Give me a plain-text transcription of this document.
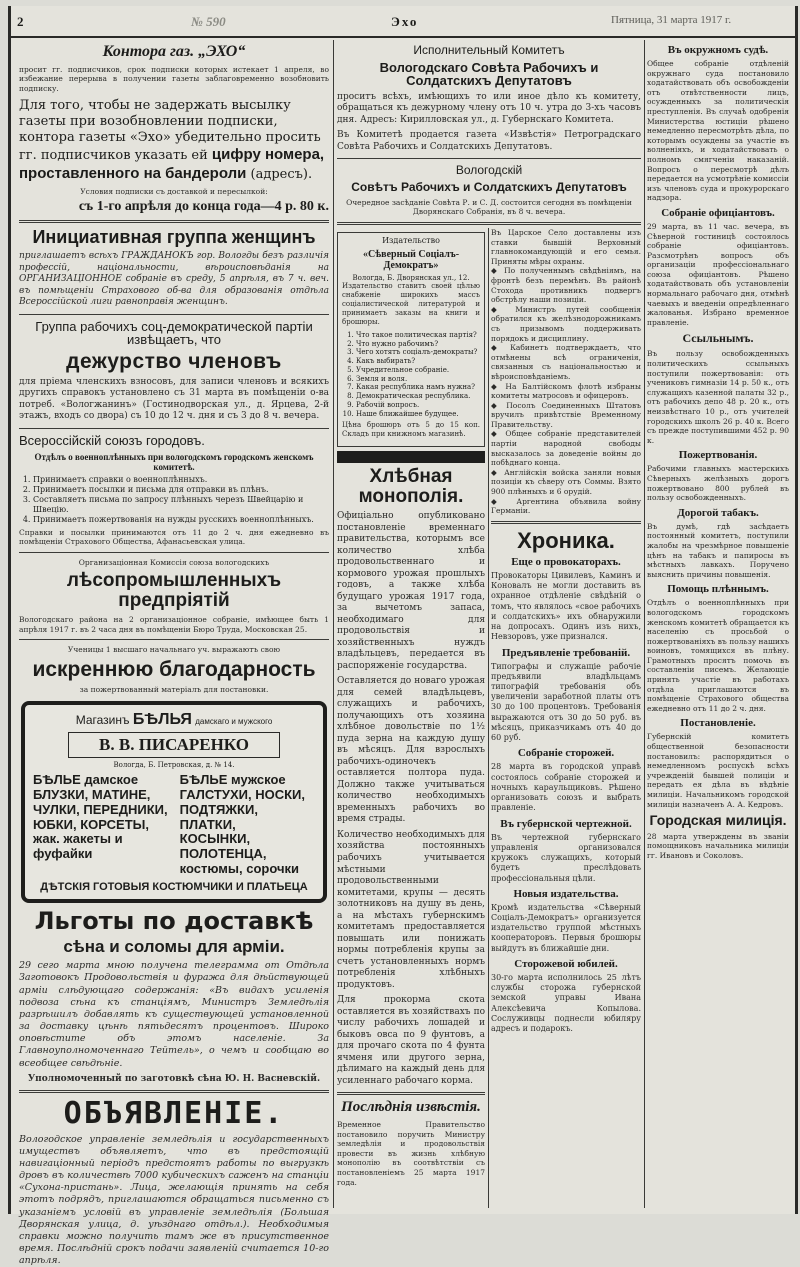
2	№ 590	Эхо	Пятница, 31 марта 1917 г.
Контора газ. „ЭХО“

просит гг. подписчиков, срок подписки которых истекает 1 апреля, во избежание перерыва в получении газеты заблаговременно возобновить подписку.

Для того, чтобы не задержать высылку газеты при возобновлении подписки, контора газеты «Эхо» убедительно просить гг. подписчиков указать ей цифру номера, проставленного на бандероли (адресъ).

Условия подписки съ доставкой и пересылкой:

съ 1-го апрѣля до конца года—4 р. 80 к.
Инициативная группа женщинъ

приглашаетъ всѣхъ ГРАЖДАНОКЪ гор. Вологды безъ различія профессій, національности, вѣроисповѣданія на ОРГАНИЗАЦІОННОЕ собраніе въ среду, 5 апрѣля, въ 7 ч. веч. въ помѣщеніи Страхового об-ва для образованія отдѣла Всероссійской лиги равноправія женщинъ.

Группа рабочихъ соц-демократической партіи извѣщаетъ, что
дежурство членовъ

для пріема членскихъ взносовъ, для записи членовъ и всякихъ другихъ справокъ установлено съ 31 марта въ помѣщеніи о-ва потреб. «Вологжанинъ» (Гостинодворская ул., д. Ярцева, 2-й этажъ, входъ со двора) съ 10 до 12 ч. дня и съ 3 до 8 ч. вечера.

Всероссійскій союзъ городовъ.
Отдѣлъ о военноплѣнныхъ при вологодскомъ городскомъ женскомъ комитетѣ.
1. Принимаетъ справки о военноплѣнныхъ.
2. Принимаетъ посылки и письма для отправки въ плѣнъ.
3. Составляетъ письма по запросу плѣнныхъ черезъ Швейцарію и Швецію.
4. Принимаетъ пожертвованія на нужды русскихъ военноплѣнныхъ.

Справки и посылки принимаются отъ 11 до 2 ч. дня ежедневно въ помѣщеніи Страхового Общества, Афанасьевская улица.

Организаціонная Комиссія союза вологодскихъ

лѣсопромышленныхъ предпріятій

Вологодскаго района на 2 организаціонное собраніе, имѣющее быть 1 апрѣля 1917 г. въ 2 часа дня въ помѣщеніи Бюро Труда, Московская 25.

Ученицы 1 высшаго начальнаго уч. выражаютъ свою

искреннюю благодарность

за пожертвованный матеріалъ для постановки.

Магазинъ БѢЛЬЯ дамскаго и мужского
В. В. ПИСАРЕНКО
Вологда, Б. Петровская, д. № 14.
БѢЛЬЕ дамское
БЛУЗКИ, МАТИНЕ,
ЧУЛКИ, ПЕРЕДНИКИ,
ЮБКИ, КОРСЕТЫ,
жак. жакеты и фуфайки
БѢЛЬЕ мужское
ГАЛСТУХИ, НОСКИ,
ПОДТЯЖКИ, ПЛАТКИ,
КОСЫНКИ, ПОЛОТЕНЦА,
костюмы, сорочки
ДѢТСКІЯ ГОТОВЫЯ КОСТЮМЧИКИ И ПЛАТЬЕЦА
Льготы по доставкѣ
сѣна и соломы для арміи.

29 сего марта мною получена телеграмма от Отдѣла Заготовокъ Продовольствія и фуража для дѣйствующей арміи слѣдующаго содержанія: «Въ видахъ усиленія подвоза сѣна къ станціямъ, Министръ Земледѣлія разрѣшилъ добавлять къ существующей установленной за доставку цѣнѣ пятьдесятъ процентовъ. Широко оповѣстите объ этомъ населеніе. За Главноуполномоченнаго Тейтель», о чемъ и сообщаю во всеобщее свѣдѣніе.

Уполномоченный по заготовкѣ сѣна Ю. Н. Васневскій.

ОБЪЯВЛЕНІЕ.

Вологодское управленіе земледѣлія и государственныхъ имуществъ объявляетъ, что въ предстоящій навигаціонный періодъ предстоятъ работы по выгрузкѣ дровъ въ количествѣ 7000 кубическихъ саженъ на станціи «Сухона-пристань». Лица, желающія принять на себя этотъ подрядъ, приглашаются обращаться письменно съ указаніемъ условій въ управленіе земледѣлія (Большая Дворянская улица, д. уѣзднаго отдѣл.). Необходимыя справки можно получить тамъ же въ присутственное время. Послѣдній срокъ подачи заявленій считается 10-го апрѣля.

Исполнительный Комитетъ
Вологодскаго Совѣта Рабочихъ и Солдатскихъ Депутатовъ

проситъ всѣхъ, имѣющихъ то или иное дѣло къ комитету, обращаться къ дежурному члену отъ 10 ч. утра до 3-хъ часовъ дня. Адресъ: Кирилловская ул., д. Губернскаго Комитета.

Въ Комитетѣ продается газета «Извѣстія» Петроградскаго Совѣта Рабочихъ и Солдатскихъ Депутатовъ.

Вологодскій
Совѣтъ Рабочихъ и Солдатскихъ Депутатовъ

Очередное засѣданіе Совѣта Р. и С. Д. состоится сегодня въ помѣщеніи Дворянскаго Собранія, въ 8 ч. вечера.

Издательство
«Сѣверный Соціалъ-Демократъ»
Вологда, Б. Дворянская ул., 12.

Издательство ставитъ своей цѣлью снабженіе широкихъ массъ соціалистической литературой и принимаетъ заказы на книги и брошюры.

1. Что такое политическая партія?
2. Что нужно рабочимъ?
3. Чего хотятъ соціалъ-демократы?
4. Какъ выбирать?
5. Учредительное собраніе.
6. Земля и воля.
7. Какая республика намъ нужна?
8. Демократическая республика.
9. Рабочій вопросъ.
10. Наше ближайшее будущее.

Цѣна брошюръ отъ 5 до 15 коп. Складъ при книжномъ магазинѣ.

Хлѣбная монополія.

Офиціально опубликовано постановленіе временнаго правительства, которымъ все количество хлѣба продовольственнаго и кормового урожая прошлыхъ годовъ, а также хлѣба будущаго урожая 1917 года, за вычетомъ запаса, необходимаго для продовольствія и хозяйственныхъ нуждъ владѣльцевъ, передается въ распоряженіе государства.

Оставляется до новаго урожая для семей владѣльцевъ, служащихъ и рабочихъ, получающихъ отъ хозяина хлѣбное довольствіе по 1½ пуда зерна на каждую душу въ мѣсяцъ. Для взрослыхъ рабочихъ-одиночекъ оставляется полтора пуда. Должно также учитываться количество необходимыхъ временныхъ рабочихъ во время страды.

Количество необходимыхъ для хозяйства постоянныхъ рабочихъ учитывается мѣстными продовольственными комитетами, крупы — десять золотниковъ на душу въ день, а на мѣстахъ губернскимъ комитетамъ предоставляется повышать или понижать нормы потребленія крупы за счетъ установленныхъ нормъ потребленія хлѣбныхъ продуктовъ.

Для прокорма скота оставляется въ хозяйствахъ по числу рабочихъ лошадей и быковъ овса по 9 фунтовъ, а для прочаго скота по 4 фунта ячменя или другого зерна, дѣлимаго на каждый день для усиленнаго рабочаго корма.

Послѣднія извѣстія.

Временное Правительство постановило поручить Министру земледѣлія и продовольствія провести въ жизнь хлѣбную монополію въ соотвѣтствіи съ постановленіемъ 25 марта 1917 года.

Въ Царское Село доставлены изъ ставки бывшій Верховный главнокомандующій и его семья. Приняты мѣры охраны.
◆ По полученнымъ свѣдѣніямъ, на фронтѣ безъ перемѣнъ. Въ районѣ Стохода противникъ подвергъ обстрѣлу наши позиціи.
◆ Министръ путей сообщенія обратился къ желѣзнодорожникамъ съ призывомъ поддерживать порядокъ и дисциплину.
◆ Кабинетъ подтверждаетъ, что отмѣнены всѣ ограниченія, связанныя съ національностью и вѣроисповѣданіемъ.
◆ На Балтійскомъ флотѣ избраны комитеты матросовъ и офицеровъ.
◆ Посолъ Соединенныхъ Штатовъ вручилъ привѣтствіе Временному Правительству.
◆ Общее собраніе представителей партіи народной свободы высказалось за доведеніе войны до побѣднаго конца.
◆ Англійскія войска заняли новыя позиціи къ сѣверу отъ Соммы. Взято 900 плѣнныхъ и 6 орудій.
◆ Аргентина объявила войну Германіи.

Хроника.
Еще о провокаторахъ.

Провокаторы Цивилевъ, Каминъ и Коновалъ не могли доставить въ охранное отдѣленіе свѣдѣній о томъ, что являлось «свое рабочихъ и солдатскихъ» ихъ обнаружили на допросахъ. Одинъ изъ нихъ, Невзоровъ, уже признался.

Предъявленіе требованій.

Типографы и служащіе рабочіе предъявили владѣльцамъ типографій требованія объ увеличеніи заработной платы отъ 30 до 100 процентовъ. Требованія выражаются отъ 30 до 50 руб. въ мѣсяцъ, приказчикамъ отъ 40 до 60 руб.

Собраніе сторожей.

28 марта въ городской управѣ состоялось собраніе сторожей и ночныхъ караульщиковъ. Рѣшено организовать союзъ и выбрать правленіе.

Въ губернской чертежной.

Въ чертежной губернскаго управленія организовался кружокъ служащихъ, который будетъ преслѣдовать профессіональныя цѣли.

Новыя издательства.

Кромѣ издательства «Сѣверный Соціалъ-Демократъ» организуется издательство группой мѣстныхъ кооператоровъ. Первыя брошюры выйдутъ въ ближайшіе дни.

Сторожевой юбилей.

30-го марта исполнилось 25 лѣтъ службы сторожа губернской земской управы Ивана Алексѣевича Копылова. Сослуживцы поднесли юбиляру адресъ и подарокъ.

Въ окружномъ судѣ.

Общее собраніе отдѣленій окружнаго суда постановило ходатайствовать объ освобожденіи отъ отвѣтственности лицъ, осужденныхъ за политическія преступленія. Въ случаѣ одобренія Министерства юстиціи рѣшено немедленно пересмотрѣть дѣла, по которымъ осуждены за участіе въ волненіяхъ, и ходатайствовать о полномъ смягченіи наказаній. Вопросъ о пересмотрѣ дѣлъ передается на усмотрѣніе комиссіи изъ членовъ суда и прокурорскаго надзора.

Собраніе офиціантовъ.

29 марта, въ 11 час. вечера, въ Сѣверной гостиницѣ состоялось собраніе офиціантовъ. Разсмотрѣнъ вопросъ объ организаціи профессіональнаго союза офиціантовъ. Рѣшено ходатайствовать объ установленіи нормальнаго рабочаго дня, отмѣнѣ чаевыхъ и введеніи опредѣленнаго жалованья. Избрано временное правленіе.

Ссыльнымъ.

Въ пользу освобожденныхъ политическихъ ссыльныхъ поступили пожертвованія: отъ учениковъ гимназіи 14 р. 50 к., отъ служащихъ казенной палаты 32 р., отъ рабочихъ депо 48 р. 20 к., отъ неизвѣстнаго 10 р., отъ учителей городскихъ школъ 26 р. 40 к. Всего съ прежде поступившими 452 р. 90 к.

Пожертвованія.

Рабочими главныхъ мастерскихъ Сѣверныхъ желѣзныхъ дорогъ пожертвовано 800 рублей въ пользу освобожденныхъ.

Дорогой табакъ.

Въ думѣ, гдѣ засѣдаетъ постоянный комитетъ, поступили жалобы на чрезмѣрное повышеніе цѣнъ на табакъ и папиросы въ мѣстныхъ лавкахъ. Поручено выяснить причины повышенія.

Помощь плѣннымъ.

Отдѣлъ о военноплѣнныхъ при вологодскомъ городскомъ женскомъ комитетѣ обращается къ населенію съ просьбой о пожертвованіяхъ въ пользу нашихъ воиновъ, томящихся въ плѣну. Грамотныхъ просятъ помочь въ составленіи писемъ. Желающіе принять участіе въ работахъ отдѣла приглашаются въ помѣщеніе Страхового общества ежедневно отъ 11 до 2 ч. дня.

Постановленіе.

Губернскій комитетъ общественной безопасности постановилъ: распорядиться о немедленномъ роспускѣ всѣхъ учрежденій бывшей полиціи и передать ея дѣла въ вѣдѣніе милиціи. Начальникомъ городской милиціи назначенъ А. А. Кедровъ.

Городская милиція.

28 марта утверждены въ званіи помощниковъ начальника милиціи гг. Ивановъ и Соколовъ.
